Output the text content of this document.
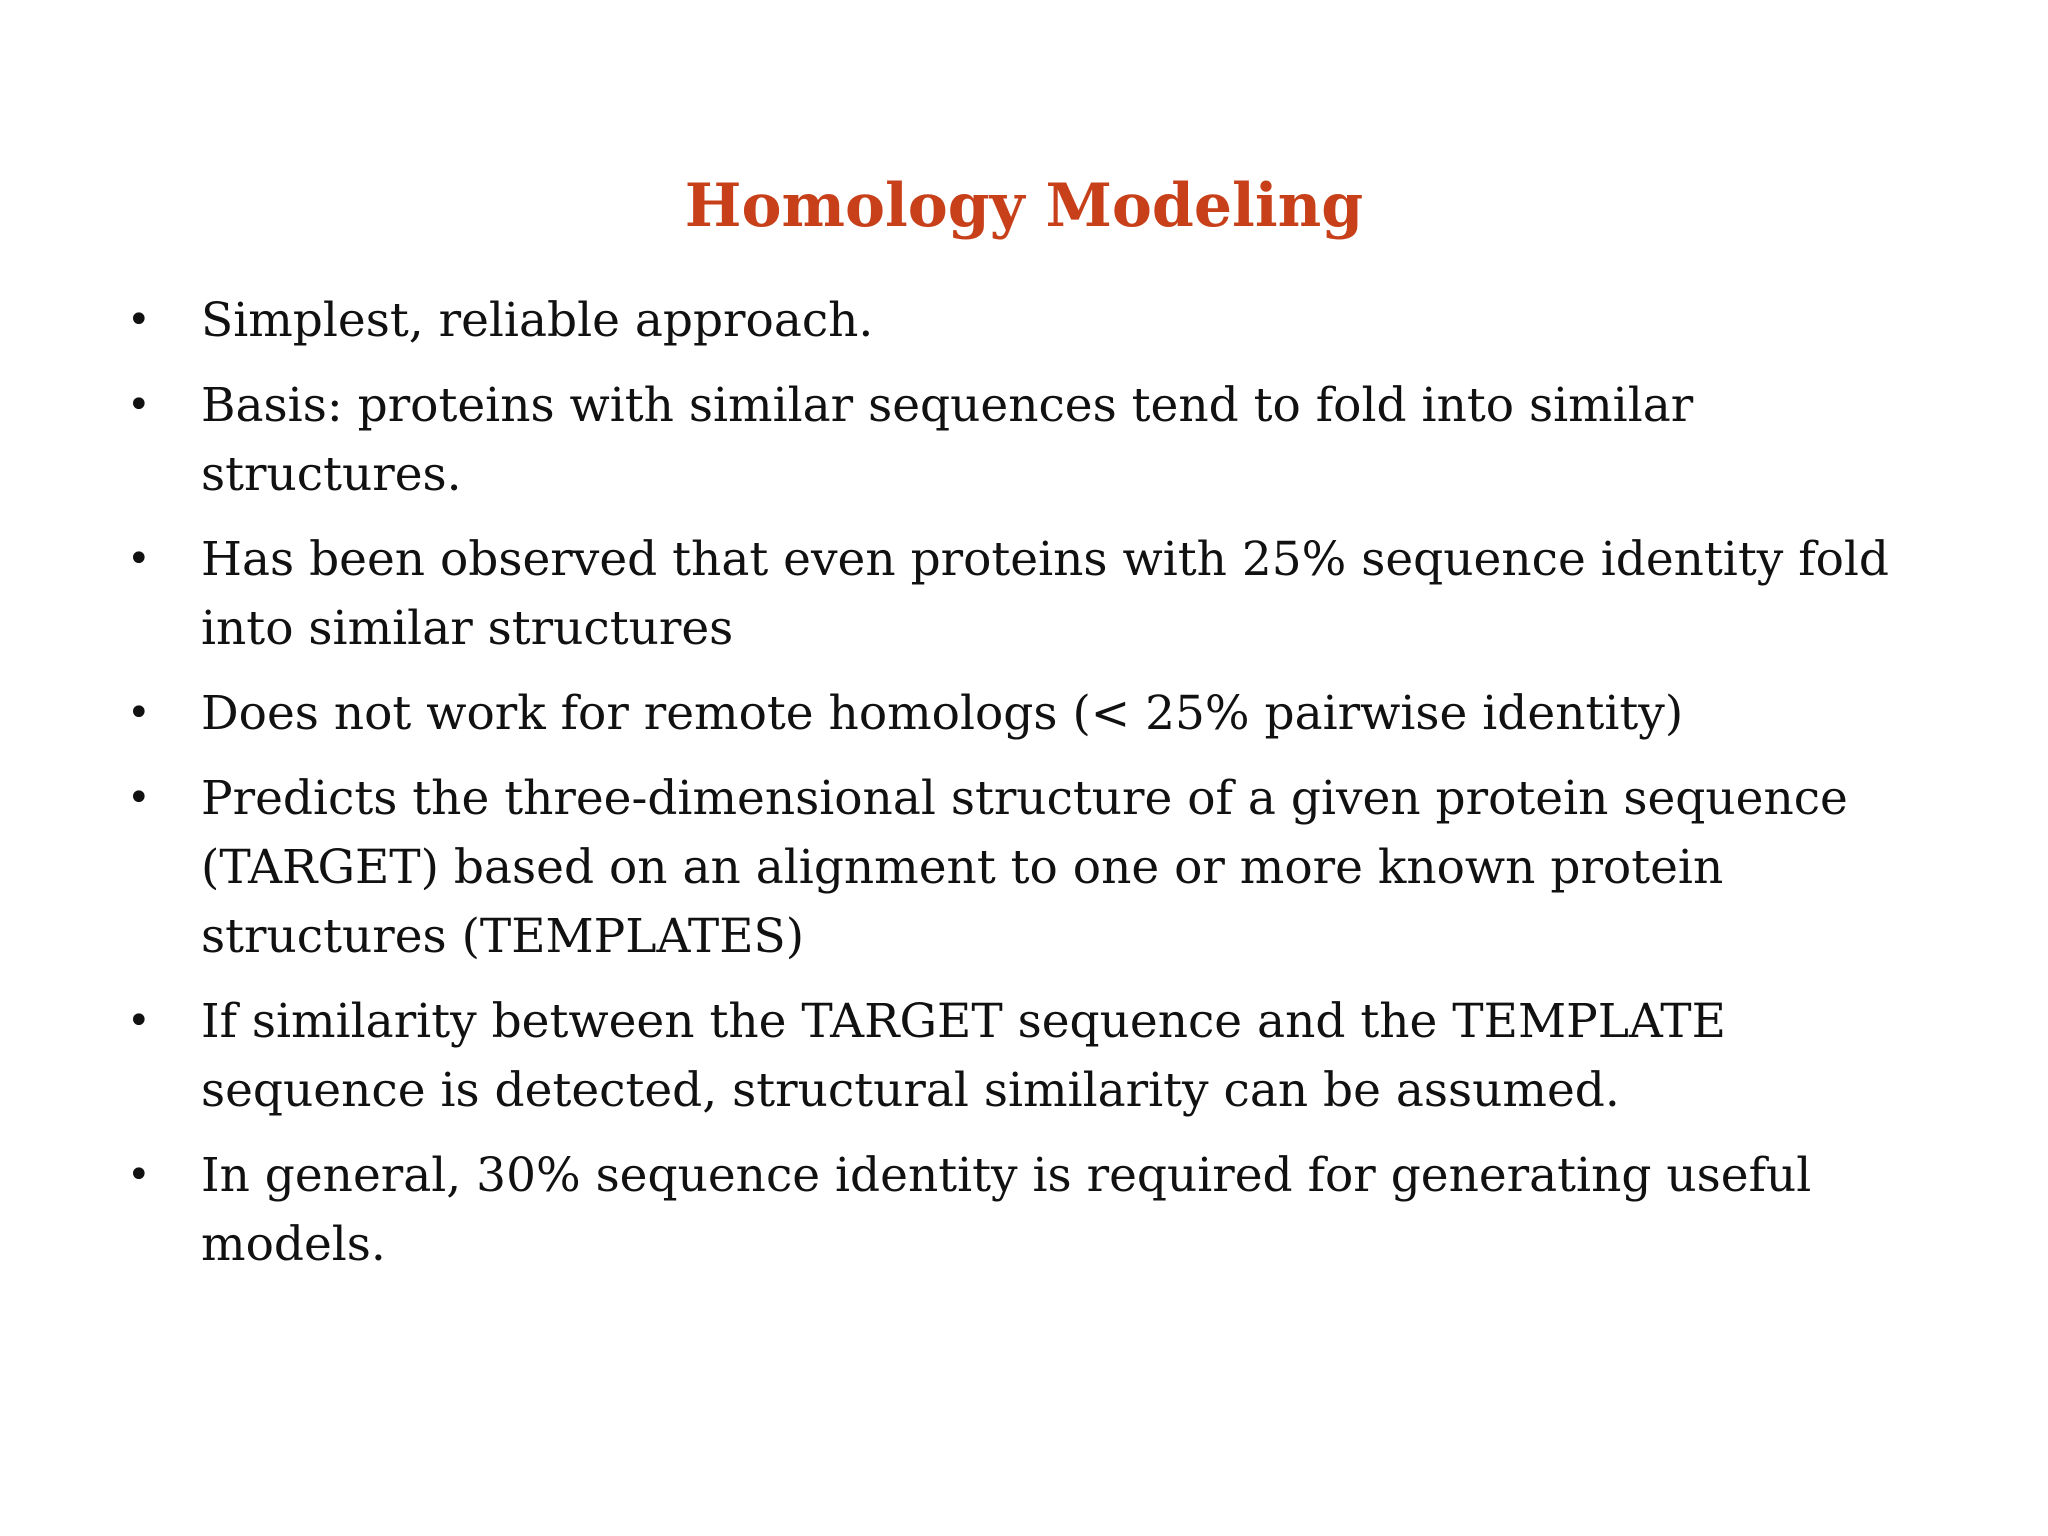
Homology Modeling
• Simplest, reliable approach.
• Basis: proteins with similar sequences tend to fold into similar structures.
• Has been observed that even proteins with 25% sequence identity fold into similar structures
• Does not work for remote homologs (< 25% pairwise identity)
• Predicts the three-dimensional structure of a given protein sequence (TARGET) based on an alignment to one or more known protein structures (TEMPLATES)
• If similarity between the TARGET sequence and the TEMPLATE sequence is detected, structural similarity can be assumed.
• In general, 30% sequence identity is required for generating useful models.
